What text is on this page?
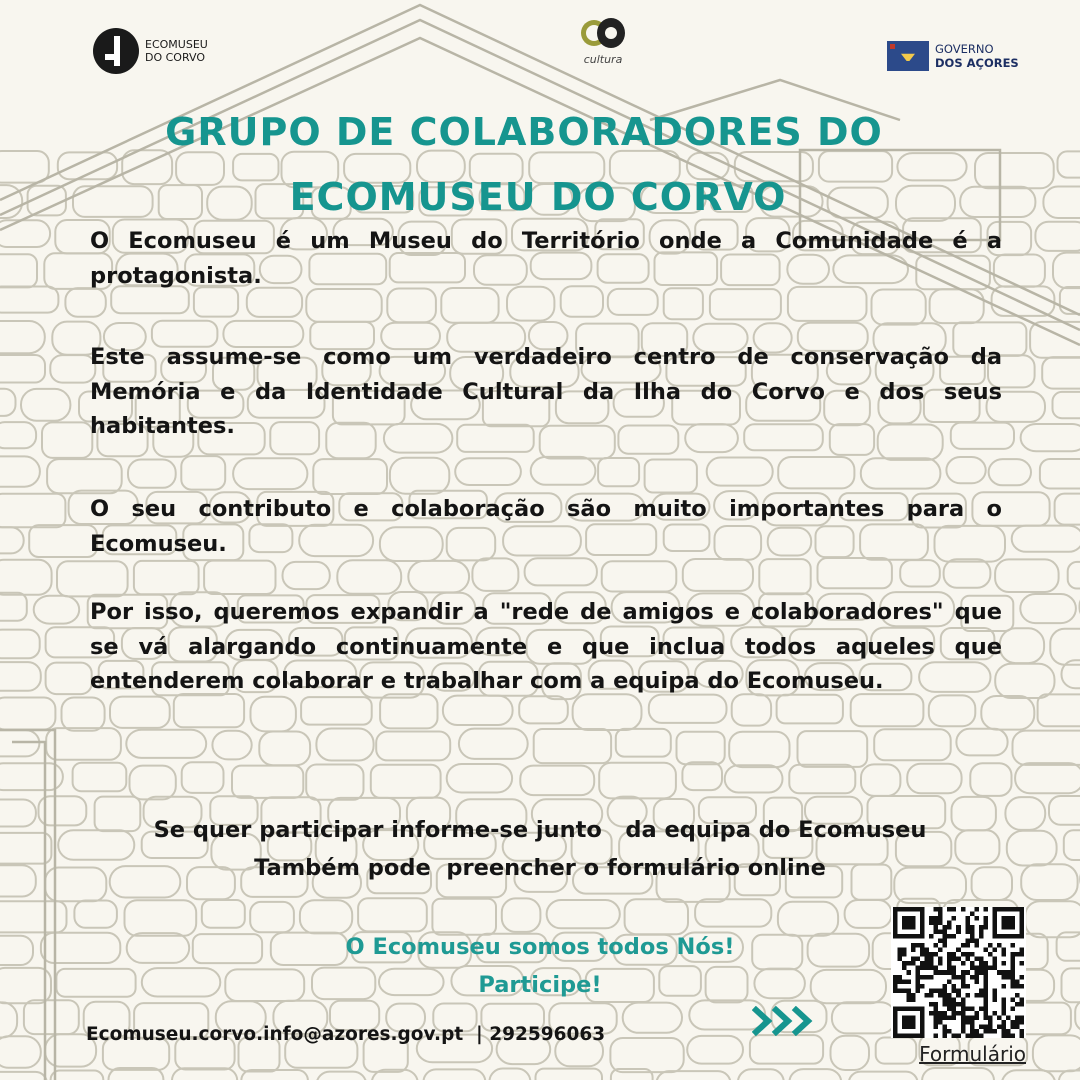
ECOMUSEU
DO CORVO	cultura
GOVERNO
DOS AÇORES
GRUPO DE COLABORADORES DO
ECOMUSEU DO CORVO
O Ecomuseu é um Museu do Território onde a Comunidade é a protagonista.
Este assume-se como um verdadeiro centro de conservação da Memória e da Identidade Cultural da Ilha do Corvo e dos seus habitantes.
O seu contributo e colaboração são muito importantes para o Ecomuseu.
Por isso, queremos expandir a "rede de amigos e colaboradores" que se vá alargando continuamente e que inclua todos aqueles que entenderem colaborar e trabalhar com a equipa do Ecomuseu.
Se quer participar informe-se junto   da equipa do Ecomuseu
Também pode  preencher o formulário online
O Ecomuseu somos todos Nós!
Participe!
Ecomuseu.corvo.info@azores.gov.pt  | 292596063
Formulário
